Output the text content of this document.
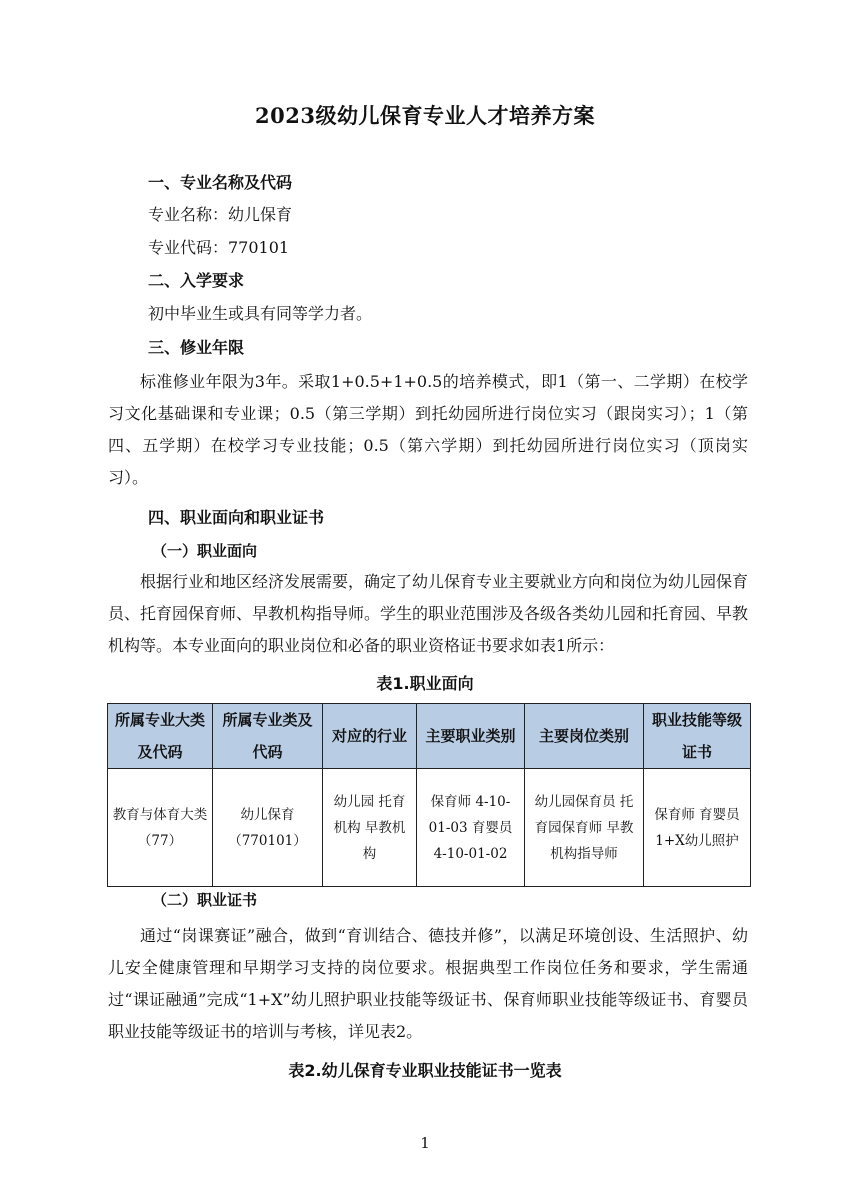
2023级幼儿保育专业人才培养方案
一、专业名称及代码
专业名称：幼儿保育
专业代码：770101
二、入学要求
初中毕业生或具有同等学力者。
三、修业年限
标准修业年限为3年。采取1+0.5+1+0.5的培养模式，即1（第一、二学期）在校学习文化基础课和专业课；0.5（第三学期）到托幼园所进行岗位实习（跟岗实习）；1（第四、五学期）在校学习专业技能；0.5（第六学期）到托幼园所进行岗位实习（顶岗实习）。
四、职业面向和职业证书
（一）职业面向
根据行业和地区经济发展需要，确定了幼儿保育专业主要就业方向和岗位为幼儿园保育员、托育园保育师、早教机构指导师。学生的职业范围涉及各级各类幼儿园和托育园、早教机构等。本专业面向的职业岗位和必备的职业资格证书要求如表1所示：
表1.职业面向
所属专业大类及代码	所属专业类及代码	对应的行业	主要职业类别	主要岗位类别	职业技能等级证书
教育与体育大类（77）	幼儿保育（770101）	幼儿园 托育机构 早教机构	保育师 4-10-01-03 育婴员 4-10-01-02	幼儿园保育员 托育园保育师 早教机构指导师	保育师 育婴员 1+X幼儿照护
（二）职业证书
通过“岗课赛证”融合，做到“育训结合、德技并修”，以满足环境创设、生活照护、幼儿安全健康管理和早期学习支持的岗位要求。根据典型工作岗位任务和要求，学生需通过“课证融通”完成“1+X”幼儿照护职业技能等级证书、保育师职业技能等级证书、育婴员职业技能等级证书的培训与考核，详见表2。
表2.幼儿保育专业职业技能证书一览表
1
